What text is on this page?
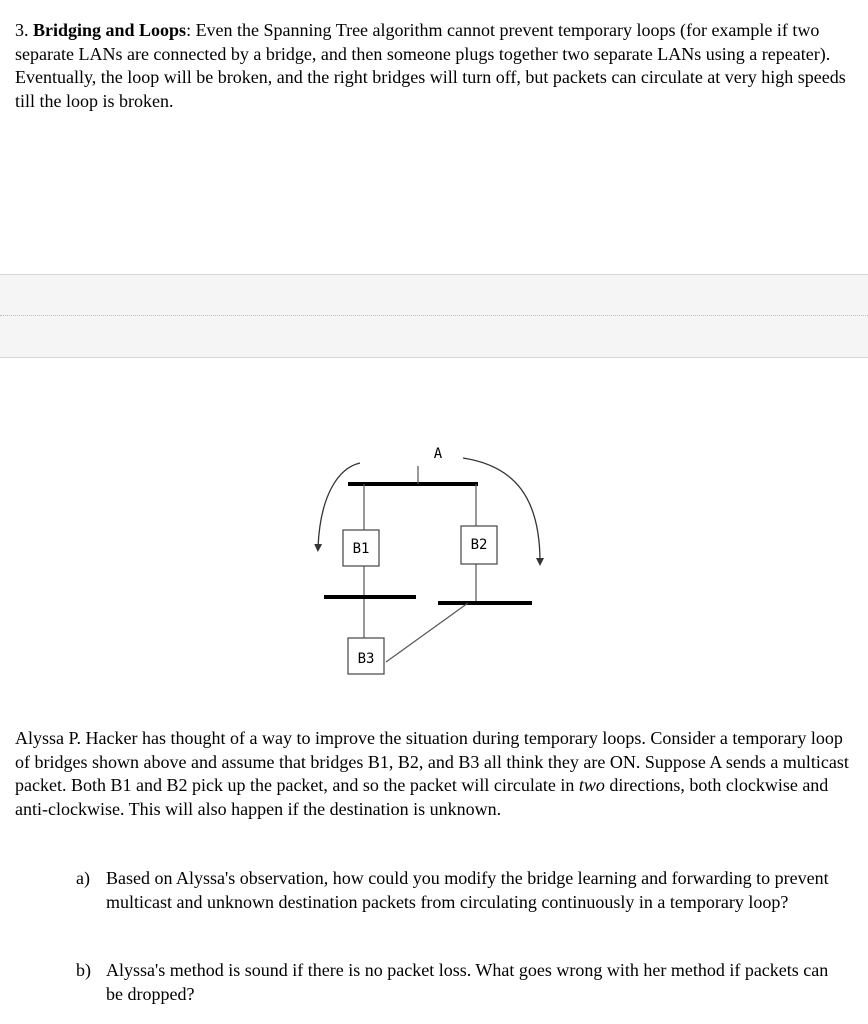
3. Bridging and Loops: Even the Spanning Tree algorithm cannot prevent temporary loops (for example if two separate LANs are connected by a bridge, and then someone plugs together two separate LANs using a repeater). Eventually, the loop will be broken, and the right bridges will turn off, but packets can circulate at very high speeds till the loop is broken.

B1	B2
B3
A

Alyssa P. Hacker has thought of a way to improve the situation during temporary loops. Consider a temporary loop of bridges shown above and assume that bridges B1, B2, and B3 all think they are ON. Suppose A sends a multicast packet. Both B1 and B2 pick up the packet, and so the packet will circulate in two directions, both clockwise and anti-clockwise. This will also happen if the destination is unknown.

a) Based on Alyssa's observation, how could you modify the bridge learning and forwarding to prevent multicast and unknown destination packets from circulating continuously in a temporary loop?
b) Alyssa's method is sound if there is no packet loss. What goes wrong with her method if packets can be dropped?
